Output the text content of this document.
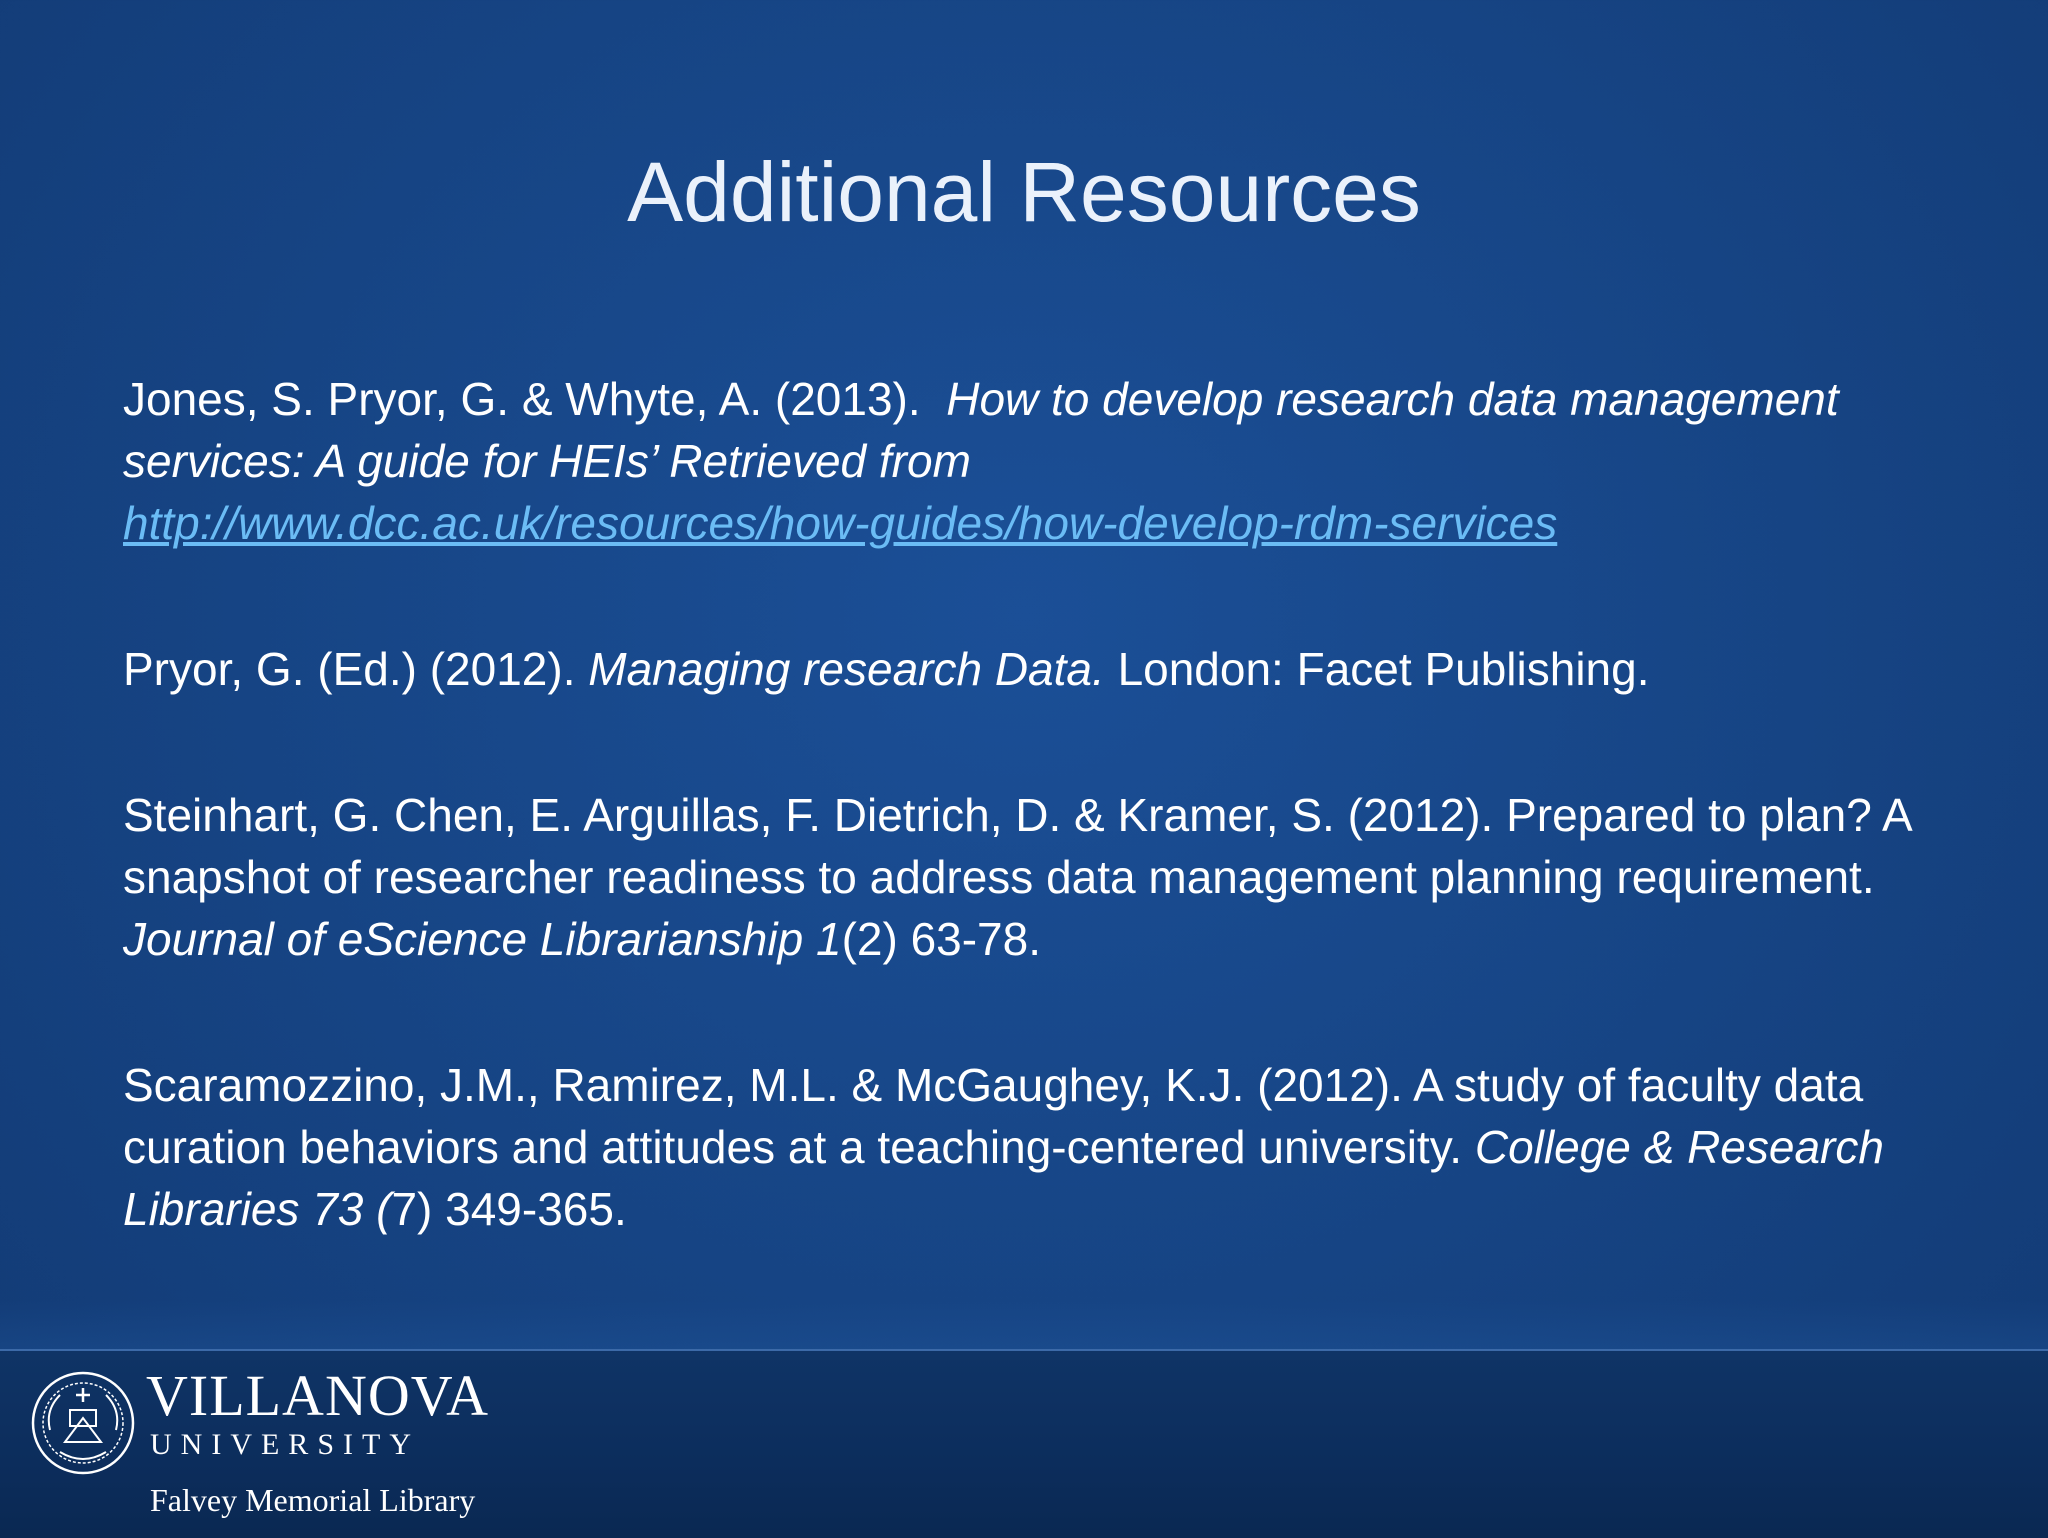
Additional Resources

Jones, S. Pryor, G. & Whyte, A. (2013). How to develop research data management services: A guide for HEIs’ Retrieved from
http://www.dcc.ac.uk/resources/how-guides/how-develop-rdm-services

Pryor, G. (Ed.) (2012). Managing research Data. London: Facet Publishing.

Steinhart, G. Chen, E. Arguillas, F. Dietrich, D. & Kramer, S. (2012). Prepared to plan? A snapshot of researcher readiness to address data management planning requirement. Journal of eScience Librarianship 1(2) 63-78.

Scaramozzino, J.M., Ramirez, M.L. & McGaughey, K.J. (2012). A study of faculty data curation behaviors and attitudes at a teaching-centered university. College & Research Libraries 73 (7) 349-365.

VILLANOVA
UNIVERSITY
Falvey Memorial Library
